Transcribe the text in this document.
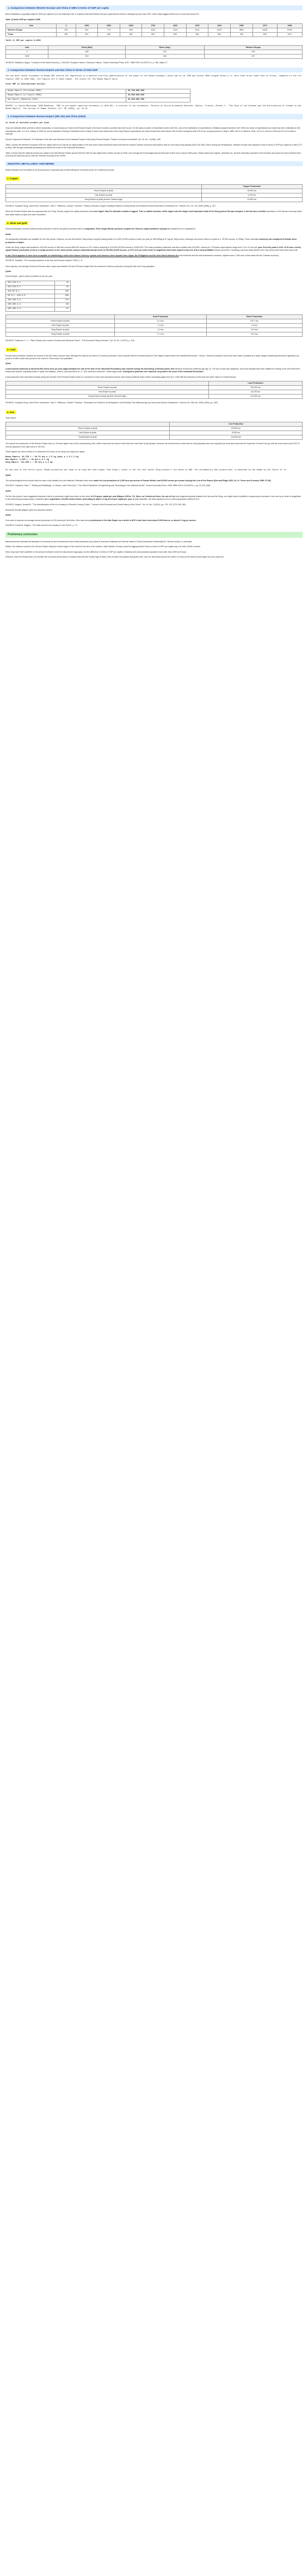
1. Comparison between Western Europe and China 0-1990 in terms of GDP per capita

Below Maddison's population data for GDP per capita for the 1st millennium AD. It surprises that that Western Europe outperformed China in antiquity by more than 20%, while it later lagged behind by no more than about 5%.

Table 1) World GDP per Capita 0-1998

Year	0	1000	1500	1600	1700	1820	1870	1913	1950	1973	1998
Western Europe	576	440	774	894	1024	1023	3174	3473	4594	11534	17921
China	450	510	600	600	600	600	530	552	439	839	3117

Table 2) GDP per capita 0-1000

Year	China (Han)	Rome (Imp.)	Western Europe
0	450	570	576
1000	510	N/A	427

SOURCE: Maddison, Angus: "Contours of the World Economy, 1-2030 AD: Essays in Macro- Economic History", Oxford University Press, 2007. ISBN 978-0-19-922721-1, p. 382, table A.7.

2. Comparison between Roman Empire and Han China in terms of total GDP

The two most recent estimates of Roman GDP confirm the impression of a massive overflow (monetization of the power of the Roman economy), which was by ca. 800 and around 4000 dropped below (i.e. more than three times that of China). Compared to the old figures (GDP in 2004 US$), the figures are 3 times higher. The totals for the Roman Empire were:

Total GDP in International Dollars

Roman Empire (Hiroshima 2005)	59,700,000,000
Roman Empire (Lo Cascio 2009)	20,000,000,000
Han Empire (Maddison 2010)	26,820,000,000

SOURCE: Lo Cascio/Malanima, 2009 Maddison, "GDP in pre-modern agrarian economies (1-1820 AD): a revision of the estimates", Rivista di Storia Economica Scheidel, Walter; Friesen, Steven J.: "The Size of the Economy and the Distribution of Income in the Roman Empire", The Journal of Roman Studies, Vol. 99 (2009), pp. 61-91

3. Comparison between Roman Empire (300 AD) and China (1933)

in terms of national product per head

Only one estimate which permits a direct comparison of real product per head of the Roman Empire with that of modern countries has been found. On the basis of prices in Diocletian's edict of AD 301, and of the distribution of expenditures of Balkan peasant families in the 1920s the value of expenditures per adult has been estimated at 183 international units. In U.S.A. dollars of 1925-34. As the standard of living in Diocletian's time is likely to have been below that of the early Empire expenditures per adult should have been above 200 IU which compares with 375 IU per occupied person in Italy in 1850, 300 IU in Brazil in 1928, 110 IU in China in 1933 and 212 IU in India in 1867/68.

Source: Raymond Goldsmith: "An Estimate of the Size and Structure of the National Product of the Early Roman Empire", Review of Income and Wealth, Vol. 30, No. 3 (1984), 283.

Table 1 shows the Western European GDP per capita (440) to be only by an eight smaller in the time when many historians would hold that the ancient Chinese economy had peaked, that is in the early Song dynasty (510). By 1500, that is during the Renaissance, Western Europe has outpaced China in terms of GDP per capita by a third (774 to 600), with the gap constantly increasing ever before the onset of the Industrial Revolution.

Table 2 shows that the national product per capita in the late Roman Empire around 300 AD (183 IU) was higher than China's as late as 1933, even though the technological gulf at that point of time was of about 2000 years. Steam ships and engines, electricity etc. all were obviously unknown to the Romans and could not have bolstered their economy the way they did so with the Chinese economy of the 1930s.

INDUSTRY, METALLURGY AND MINING

Metal extraction and circulation is by all accounts an important way of determining the economic power of a national economy.

1. Copper
	Copper Production
Rome Empire at peak	15,000 ton
Han Empire at peak	4,700 ton
Song Empire at peak (at time Chinese high)	13,000 ton

SOURCE: Sungmin Hong: Jean-Pierre Candelone, Clair C. Patterson, Claude F. Boutron: "History of Ancient Copper Smelting Pollution During Roman and Medieval Times Recorded in Greenland Ice", Science Vol. 272. No. 5259 (1996), p. 247

Since the Roman Empire was two populous than the Song, Roman copper per capita production was even higher than the absolute numbers suggest. This is notable because, while copper was the single most important metal of the Song period, Europe-compare, it did not have a similar importance in the Roman economy which was rather based on gold and silver circulation.

2. Silver and gold

Roman production exceeds Chinese peak production of silver and gold by several orders of magnitude: Even single Roman producer surpass the Chinese output (whatever dynasty is considered for a comparison):

Quote

No comparable estimates are available for the Han period. However, we are told that the Tang empire enjoyed mining yields of 12,000-15,000 ounces of silver per year (or 450-500kg at 37 kg per Tang ounce), although one source refers to a yield of c. 25,000 ounces, or 930kg. These rates are extremely low compared to Roman silver production in Spain.

Under the Song, output was boosted to 100,000 ounces or 966 and a record 880,000 ounces in 1017 before dropping to 215,000-220,000 ounces in 1049/1078. The most productive prefecture was then credited with 150,000+ ounces per 178 these output figures range from 3.4 to 11 tons per year. Even the peak in 1012, at 31 tons, merely equals Roman production levels in a single province in the same period, and pre-industrial annual levels of 100,000-10,000 ounces, or 37% of it, an entire order of magnitude lower than output in any one of the most profitable Roman provinces. If anything, precious metal yields in the Han period must have been lower still...

In fact China appears to have been incapable of establishing a solid silver-based currency system until massive silver imports from Japan, the Philippines and the New World between the mid-sixteenth and the mid-seventeenth centuries, injected some 7,000 tons of this metal into the Chinese economy.

SOURCE: Scheidel, "The monetary systems of the Han and Roman empires" 2009, p. 11

Voice (article), the average Greek and Roman silver output was between 90 and 100 times larger than the maximum Chinese production during the Han and Song dynasties.

Quote

Roma Empire : gold & silver production in ton per year

350-250 B.C.	45
250-150 B.C.	55
150-50 B.C.	100
50 B.C.-100 A.D.	200
100-200 A.D.	170
200-300 A.D.	80
300-400 A.D.	25
	Gold Production	Silver Production
Rome Empire at peak	11.4 ton	107.1 ton
Han Empire at peak	1.2 ton	2.9 ton
Tang Empire at peak	4.2 ton	10.6 ton
Song Empire at peak	17.1 ton	31.5 ton

SOURCE: Patterson, C. C.: "Silver Stocks and Losses in Ancient and Medieval Times", "The Economic History Review", Vol. 25, No. 2 (1972), p. 228

3. Lead

Roman lead production reached an amount of 80,000 metric tons per year, although the authors are silent on Chinese production, they conclude that the Romans achieved "the largest output before the Industrial Revolution". Hence, Chinese production must have been lower, probably by a large margin considering that lead is typically a by-product of silver which was proved to be mined in China only in low quantities.

Quote

A pronounced maximum of about 80,000 metric tons per year (approximately the rate at the time of the Industrial Revolution) was reached during the flourishing of Roman power and influence around two millennia ago (fig. 4). The use of lead was ubiquitous, and most deposits that were suitable for mining in the Old World were known and worked, especially those in Spain, the Balkans, Greece, and Asia Minor (5, 7). This maximum marks the "oldest large-scale, hemispheric pollution ever reported, long before the onset of the Industrial Revolution...

Lead production then decreased sharply during the decline of the Roman Empire down to a minimum of only a few thousand tons per year during medieval times, before increasing again from A.D. 1000 with the discovery of the lead and silver mines of Central Europe.

	Lead Production
Rome Empire at peak	750,000 ton
Han Empire at peak	34,700 ton
Song Empire at peak (at time Chinese high)	113,000 ton

SOURCE: Sungmin Hong: Jean-Pierre Candelone, Clair C. Patterson, Claude F. Boutron: "Greenland Ice Evidence of Hemispheric Lead Pollution Two Millennia Ago by Greek and Roman Civilizations", Science Vol. 265, No. 5180 (1994), pp. 1841

4. Iron

Total output:

	Iron Production
Rome Empire at peak	82,500 ton
Han Empire at peak	5,000 ton
Song Empire at peak	114,000 ton

The annual iron production of the Roman Empire was ca. 16 times higher than of the contemporary Han, while it was lower by about a third than the much later Song Dynasty. However, we should keep in mind that the Song dynasty was more populous (in most accounts) than the Imperium, at least if we go with the former (low count 100-70 mio) as opposed to the high count of 120 mio.

These figures we need to factor in to determine the focus of our study, the output per capita:

Roman Empire: 84,750 t / 60-70 mio ▶ 1.5 kg (max) ▶ 1.4-1.2 kg
Han Empire: 5,000 t / 58 mio ▶ 0.1 kg
Song Empire: 114,000 t / 89 mio ▶ 1.2 kg

So now that on the fourth count, Roman production per head is as high and even higher than Song's, which is the the real center Song product's too needs to 80%. The contemporary Han product/one; is absorbed by the Roman by the factor of 12.

Quote

The archaeological record shows that iron was a very familiar low-cost material. Estimates have been made for iron production of 2,250 tons per annum in Roman Britain, and 82,500 tonnes per annum through the rest of the Empire (Sim and Ridge 2002: 23, cf. Cleere and Crossley 1985: 57-86).

SOURCE: Craddock, Paul T.: "Mining and Metallurgy", in Oleson, John Peter (ed.): "The Oxford Handbook of Engineering and Technology in the Classical World", Oxford University Press, 2008, ISBN 978-0-19-518731-1, pp. 93-120 (108)

Quote

For the Han period I have suggested elsewhere that iron production might have been on the order of 0.5 kg per capita per year (Wagner 2001a: 71). Since, as I hinted out there, the use of iron has burgeoned greatly between the Han and the Song, one might read be justified in supposing an increase in iron use by an order of magnitude to the intervening thousand years. Hartwell's figure (equivalent: 114,000 metric tonnes, amounting to about 1.2 kg of iron per capita per year, is quite plausible, but these appears to be no direct guarantee evidence for it.

SOURCE: Wagner, Donald B.: "The Administration of the Iron Industry in Eleventh-Century China", "Journal of the Economic and Social History of the Orient", Vol. 44, No. 2 (2001), pp. 175- 197 (175; 181-183)

Elsewhere Donald Wagner gives the absolute number:

Quote

If we were to assume an average annual production of 100 tonnes per first office, then total annual production in the Han Empire as a whole in 8CE c'ouid have been about 5,000 tonnes, or about 0.1 kg per person.

SOURCE: Donald B. Wagner: "The state and the iron industry in Han China", p. 73

Preliminary conclusion

Macroeconomic estimates by historians of economy as well as inferences from metal production by product of economic indicators tell that the notion of China having been historically the "richest country" is untenable.

Rather, the evidence points to the Roman Empire being the richest region of the world for the time of its duration, while Western Europe would be lagging behind China in terms of GDP per capita only a bit later (1000) it seems.

Since may have been wealthier in the period in between since the data shows huge gaps, but the difference in terms of GDP per capita is relatively slim and probably surpassed much later than 1500 by Europe.

However, since the thread does not consider the economic performance of classic India and the Golden Age of Islam, both of which too peaked during this time, even for this limited period the notion of China as the richest world region is as yet unproven.
